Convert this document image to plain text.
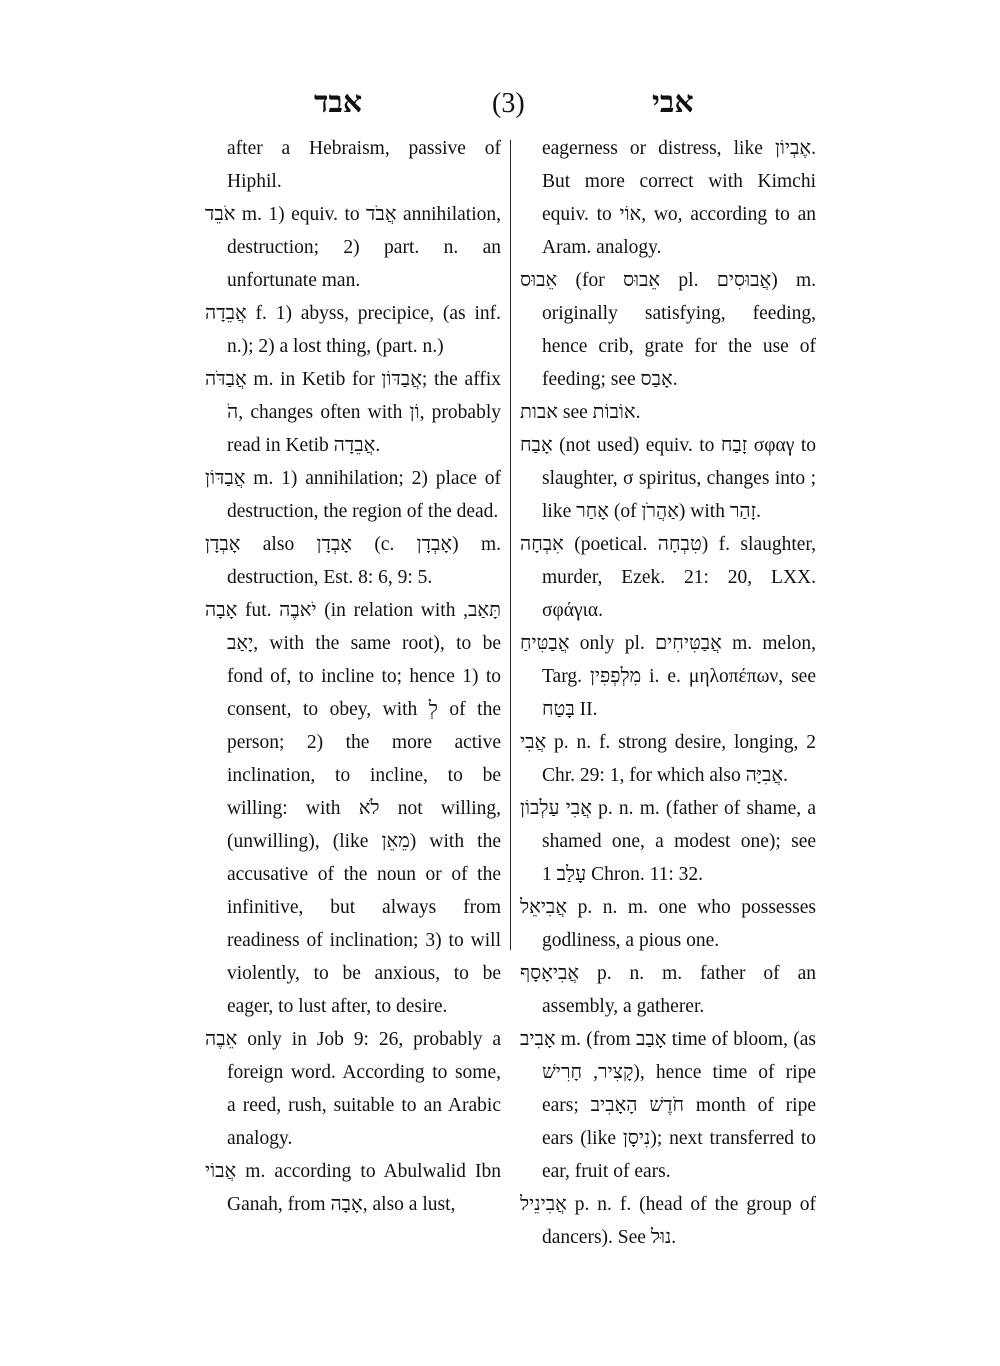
אבד	(3)	אבי
after a Hebraism, passive of Hiphil.
אֹבֵד m. 1) equiv. to אֲבֹד annihilation, destruction; 2) part. n. an unfortunate man.
אֲבֵדָה f. 1) abyss, precipice, (as inf. n.); 2) a lost thing, (part. n.)
אֲבַדֹּה m. in Ketib for אֲבַדּוֹן; the affix הֹ, changes often with וֹן, probably read in Ketib אֲבֵדָה.
אֲבַדּוֹן m. 1) annihilation; 2) place of destruction, the region of the dead.
אָבְדָן also אָבְדָן (c. אָבְדָן) m. destruction, Est. 8: 6, 9: 5.
אָבָה fut. יֹאבֶה (in relation with תָּאַב, יָאַב, with the same root), to be fond of, to incline to; hence 1) to consent, to obey, with לְ of the person; 2) the more active inclination, to incline, to be willing: with לֹא not willing, (unwilling), (like מֵאֵן) with the accusative of the noun or of the infinitive, but always from readiness of inclination; 3) to will violently, to be anxious, to be eager, to lust after, to desire.
אֵבֶה only in Job 9: 26, probably a foreign word. According to some, a reed, rush, suitable to an Arabic analogy.
אֲבוֹי m. according to Abulwalid Ibn Ganah, from אָבָה, also a lust,
eagerness or distress, like אֶבְיוֹן. But more correct with Kimchi equiv. to אוֹי, wo, according to an Aram. analogy.
אֵבוּס (for אֵבוּס pl. אֲבוּסִים) m. originally satisfying, feeding, hence crib, grate for the use of feeding; see אָבַס.
אבות see אוֹבוֹת.
אָבַח (not used) equiv. to זָבַח σφαγ to slaughter, σ spiritus, changes into ; like אָחַר (of אַהֲרֹן) with זָהַר.
אִבְחָה (poetical. טִבְחָה) f. slaughter, murder, Ezek. 21: 20, LXX. σφάγια.
אֲבַטִּיחַ only pl. אֲבַטִּיחִים m. melon, Targ. מִלְפְפִין i. e. μηλοπέπων, see בָּטַח II.
אֲבִי p. n. f. strong desire, longing, 2 Chr. 29: 1, for which also אֲבִיָּה.
אֲבִי עַלְבוֹן p. n. m. (father of shame, a shamed one, a modest one); see עָלַב 1 Chron. 11: 32.
אֲבִיאֵל p. n. m. one who possesses godliness, a pious one.
אֲבִיאָסָף p. n. m. father of an assembly, a gatherer.
אָבִיב m. (from אָבַב time of bloom, (as קָצִיר, חָרִישׁ), hence time of ripe ears; חֹדֶשׁ הָאָבִיב month of ripe ears (like נִיסָן); next transferred to ear, fruit of ears.
אֲבִינֵיל p. n. f. (head of the group of dancers). See נוּל.
